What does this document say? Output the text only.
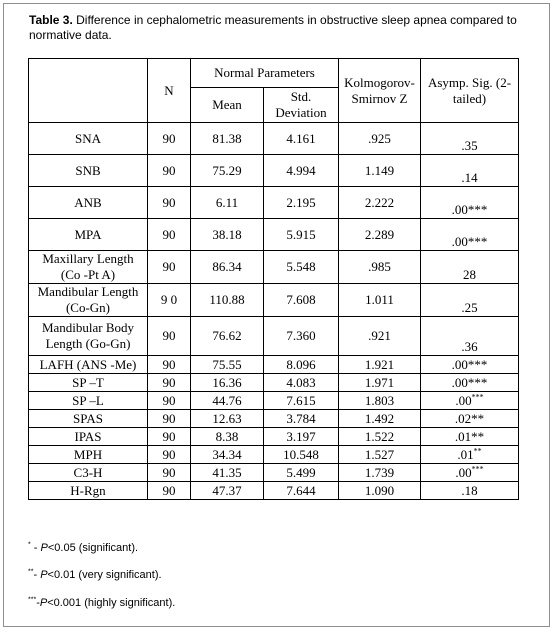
Table 3. Difference in cephalometric measurements in obstructive sleep apnea compared to normative data.
	N	Normal Parameters		Kolmogorov-Smirnov Z	Asymp. Sig. (2-tailed)
		Mean	Std. Deviation		
SNA	90	81.38	4.161	.925	.35
SNB	90	75.29	4.994	1.149	.14
ANB	90	6.11	2.195	2.222	.00***
MPA	90	38.18	5.915	2.289	.00***
Maxillary Length (Co -Pt A)	90	86.34	5.548	.985	28
Mandibular Length (Co-Gn)	9 0	110.88	7.608	1.011	.25
Mandibular Body Length (Go-Gn)	90	76.62	7.360	.921	.36
LAFH (ANS -Me)	90	75.55	8.096	1.921	.00***
SP –T	90	16.36	4.083	1.971	.00***
SP –L	90	44.76	7.615	1.803	.00***
SPAS	90	12.63	3.784	1.492	.02**
IPAS	90	8.38	3.197	1.522	.01**
MPH	90	34.34	10.548	1.527	.01**
C3-H	90	41.35	5.499	1.739	.00***
H-Rgn	90	47.37	7.644	1.090	.18
* - P<0.05 (significant).
**- P<0.01 (very significant).
***-P<0.001 (highly significant).
